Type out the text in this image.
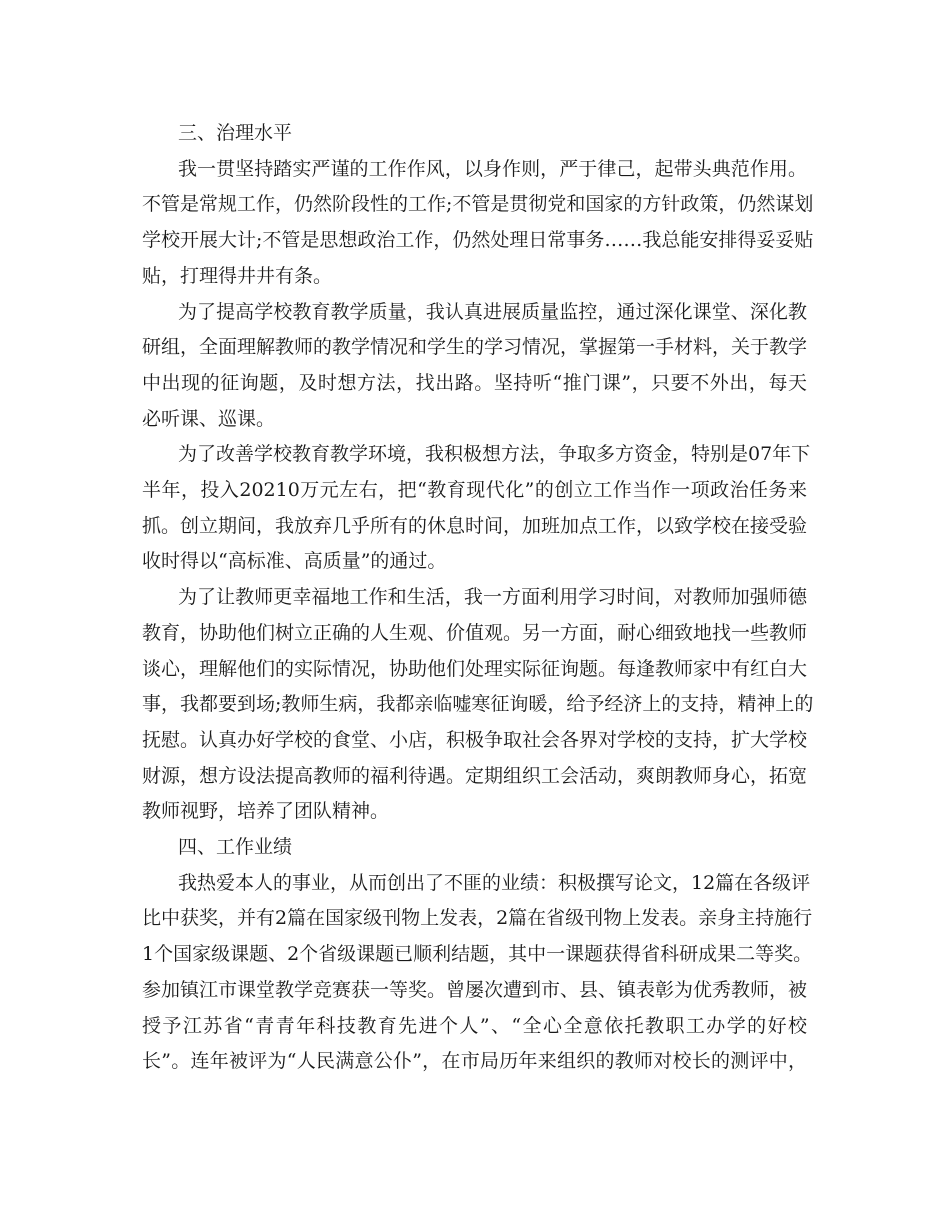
三、治理水平

我一贯坚持踏实严谨的工作作风，以身作则，严于律己，起带头典范作用。
不管是常规工作，仍然阶段性的工作;不管是贯彻党和国家的方针政策，仍然谋划
学校开展大计;不管是思想政治工作，仍然处理日常事务……我总能安排得妥妥贴
贴，打理得井井有条。
为了提高学校教育教学质量，我认真进展质量监控，通过深化课堂、深化教
研组，全面理解教师的教学情况和学生的学习情况，掌握第一手材料，关于教学
中出现的征询题，及时想方法，找出路。坚持听“推门课”，只要不外出，每天
必听课、巡课。
为了改善学校教育教学环境，我积极想方法，争取多方资金，特别是07年下
半年，投入20210万元左右，把“教育现代化”的创立工作当作一项政治任务来
抓。创立期间，我放弃几乎所有的休息时间，加班加点工作，以致学校在接受验
收时得以“高标准、高质量”的通过。
为了让教师更幸福地工作和生活，我一方面利用学习时间，对教师加强师德
教育，协助他们树立正确的人生观、价值观。另一方面，耐心细致地找一些教师
谈心，理解他们的实际情况，协助他们处理实际征询题。每逢教师家中有红白大
事，我都要到场;教师生病，我都亲临嘘寒征询暖，给予经济上的支持，精神上的
抚慰。认真办好学校的食堂、小店，积极争取社会各界对学校的支持，扩大学校
财源，想方设法提高教师的福利待遇。定期组织工会活动，爽朗教师身心，拓宽
教师视野，培养了团队精神。

四、工作业绩

我热爱本人的事业，从而创出了不匪的业绩：积极撰写论文，12篇在各级评
比中获奖，并有2篇在国家级刊物上发表，2篇在省级刊物上发表。亲身主持施行
1个国家级课题、2个省级课题已顺利结题，其中一课题获得省科研成果二等奖。
参加镇江市课堂教学竞赛获一等奖。曾屡次遭到市、县、镇表彰为优秀教师，被
授予江苏省“青青年科技教育先进个人”、“全心全意依托教职工办学的好校
长”。连年被评为“人民满意公仆”，在市局历年来组织的教师对校长的测评中，
